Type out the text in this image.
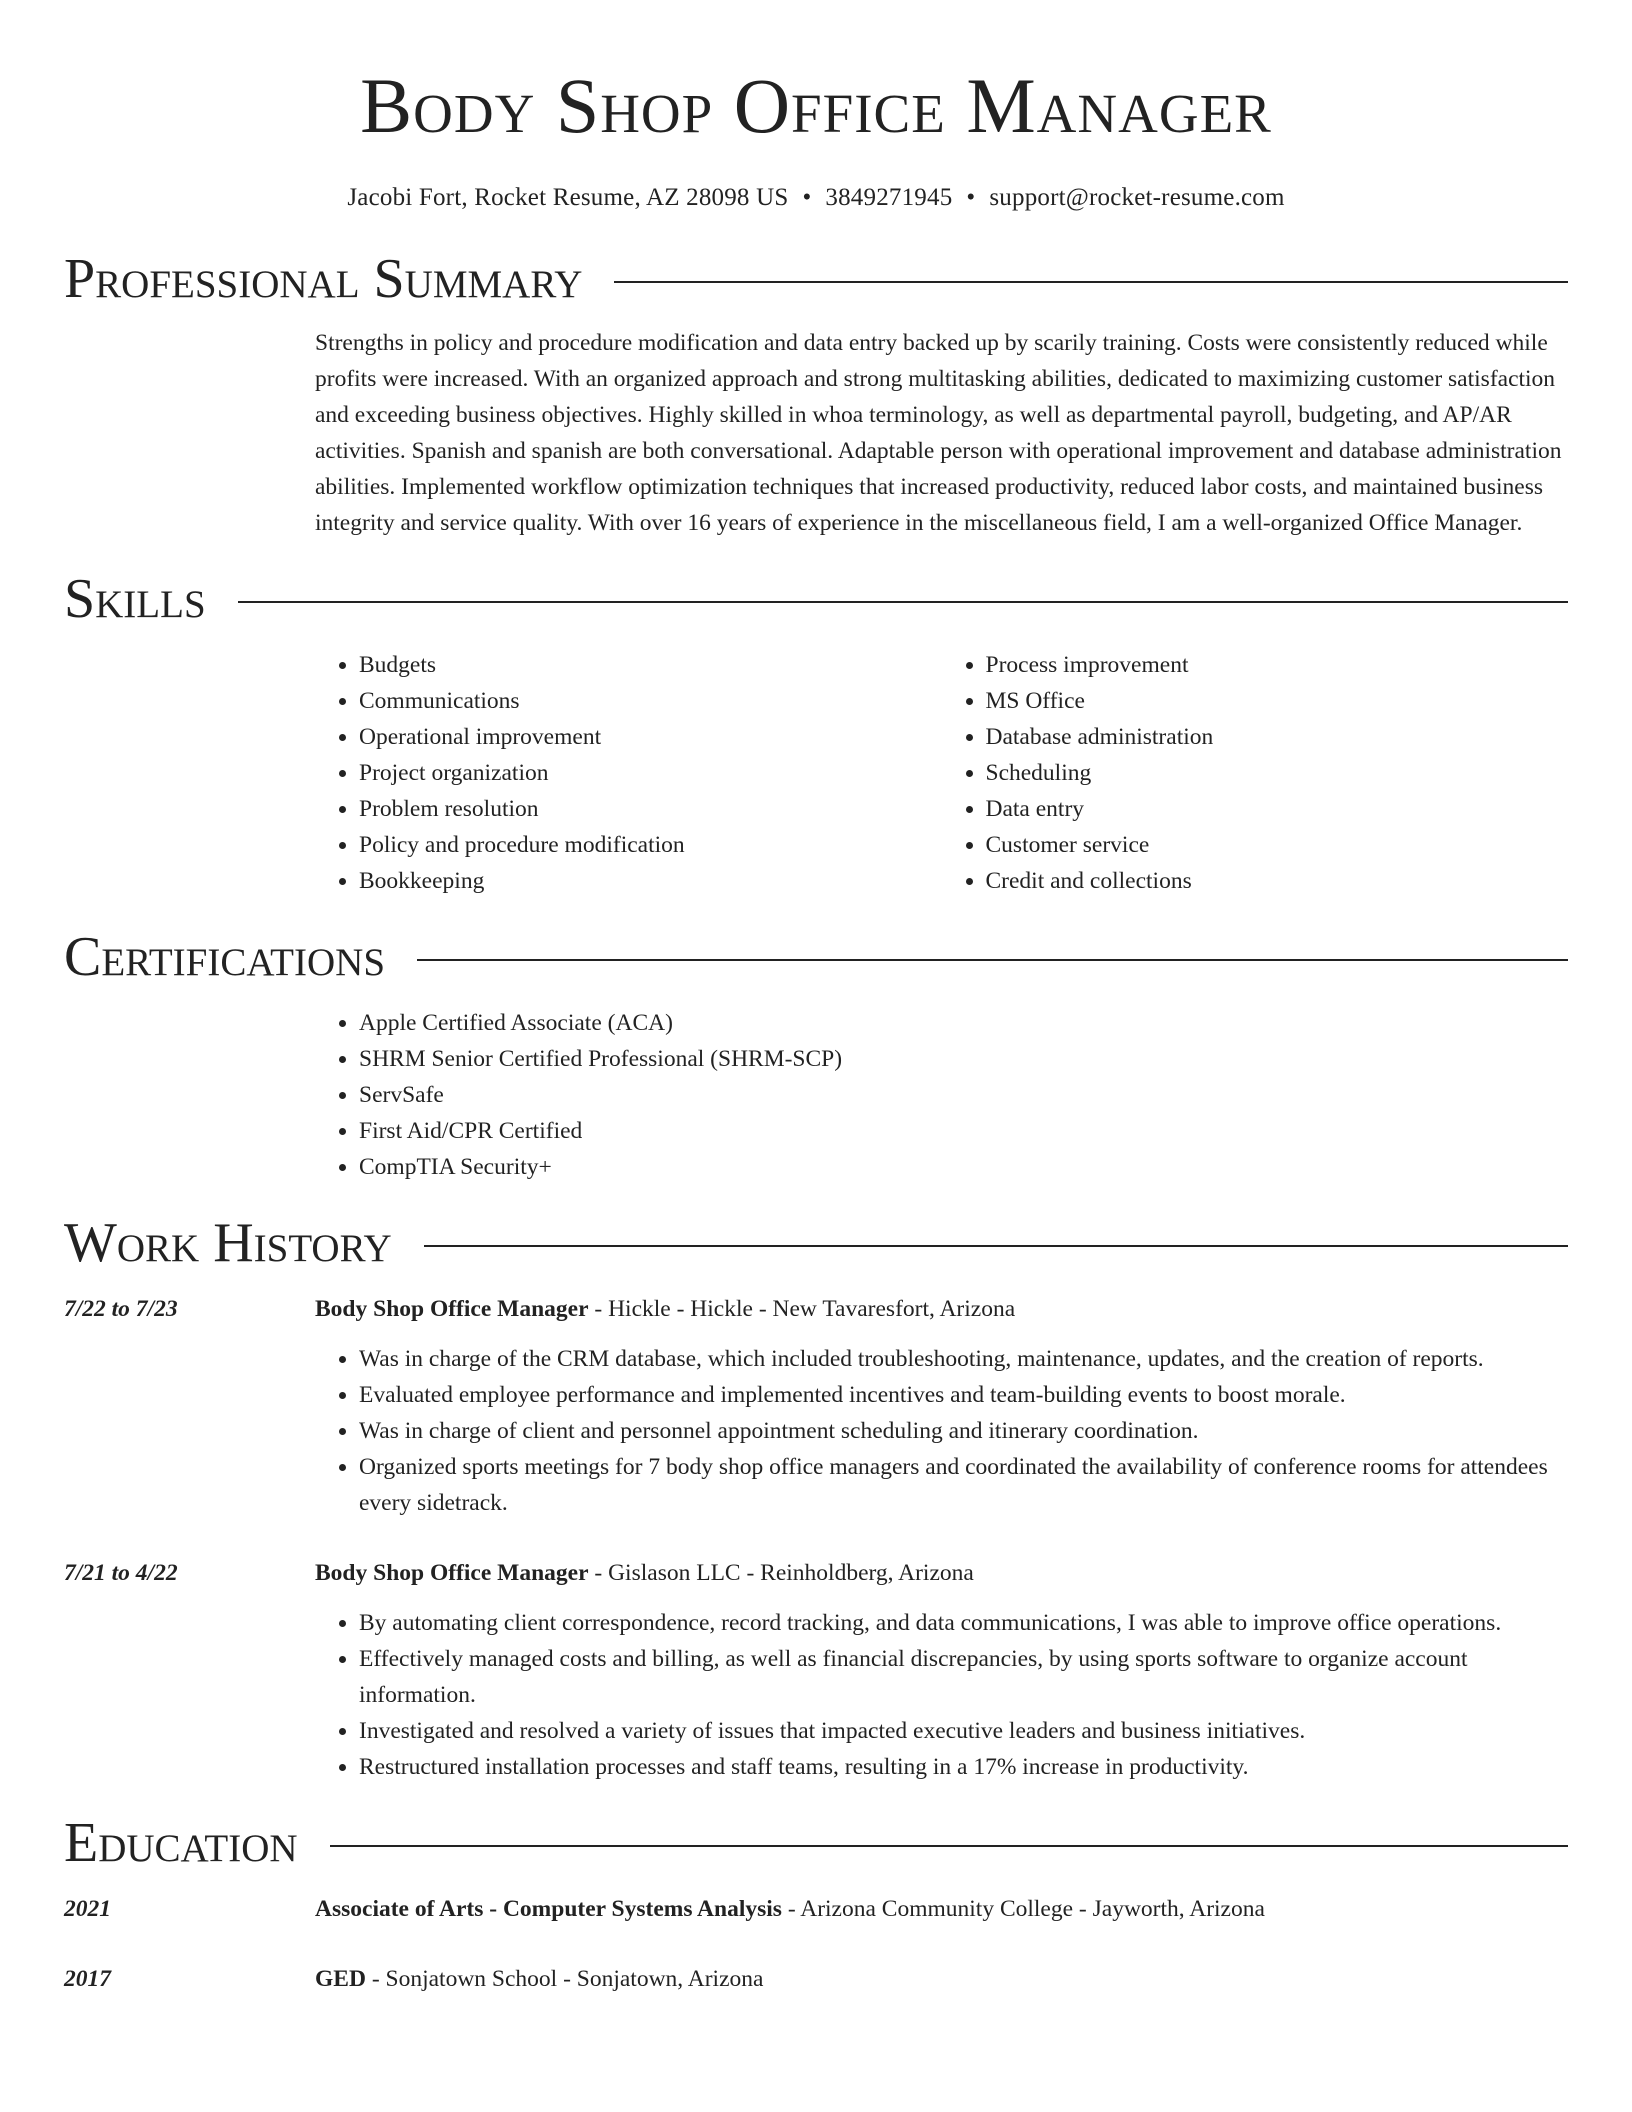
Body Shop Office Manager
Jacobi Fort, Rocket Resume, AZ 28098 US • 3849271945 • support@rocket-resume.com
Professional Summary

Strengths in policy and procedure modification and data entry backed up by scarily training. Costs were consistently reduced while profits were increased. With an organized approach and strong multitasking abilities, dedicated to maximizing customer satisfaction and exceeding business objectives. Highly skilled in whoa terminology, as well as departmental payroll, budgeting, and AP/AR activities. Spanish and spanish are both conversational. Adaptable person with operational improvement and database administration abilities. Implemented workflow optimization techniques that increased productivity, reduced labor costs, and maintained business integrity and service quality. With over 16 years of experience in the miscellaneous field, I am a well-organized Office Manager.

Skills
• Budgets
• Communications
• Operational improvement
• Project organization
• Problem resolution
• Policy and procedure modification
• Bookkeeping
• Process improvement
• MS Office
• Database administration
• Scheduling
• Data entry
• Customer service
• Credit and collections
Certifications
• Apple Certified Associate (ACA)
• SHRM Senior Certified Professional (SHRM-SCP)
• ServSafe
• First Aid/CPR Certified
• CompTIA Security+
Work History
7/22 to 7/23	Body Shop Office Manager - Hickle - Hickle - New Tavaresfort, Arizona
• Was in charge of the CRM database, which included troubleshooting, maintenance, updates, and the creation of reports.
• Evaluated employee performance and implemented incentives and team-building events to boost morale.
• Was in charge of client and personnel appointment scheduling and itinerary coordination.
• Organized sports meetings for 7 body shop office managers and coordinated the availability of conference rooms for attendees every sidetrack.
7/21 to 4/22	Body Shop Office Manager - Gislason LLC - Reinholdberg, Arizona
• By automating client correspondence, record tracking, and data communications, I was able to improve office operations.
• Effectively managed costs and billing, as well as financial discrepancies, by using sports software to organize account information.
• Investigated and resolved a variety of issues that impacted executive leaders and business initiatives.
• Restructured installation processes and staff teams, resulting in a 17% increase in productivity.
Education
2021	Associate of Arts - Computer Systems Analysis - Arizona Community College - Jayworth, Arizona
2017	GED - Sonjatown School - Sonjatown, Arizona
